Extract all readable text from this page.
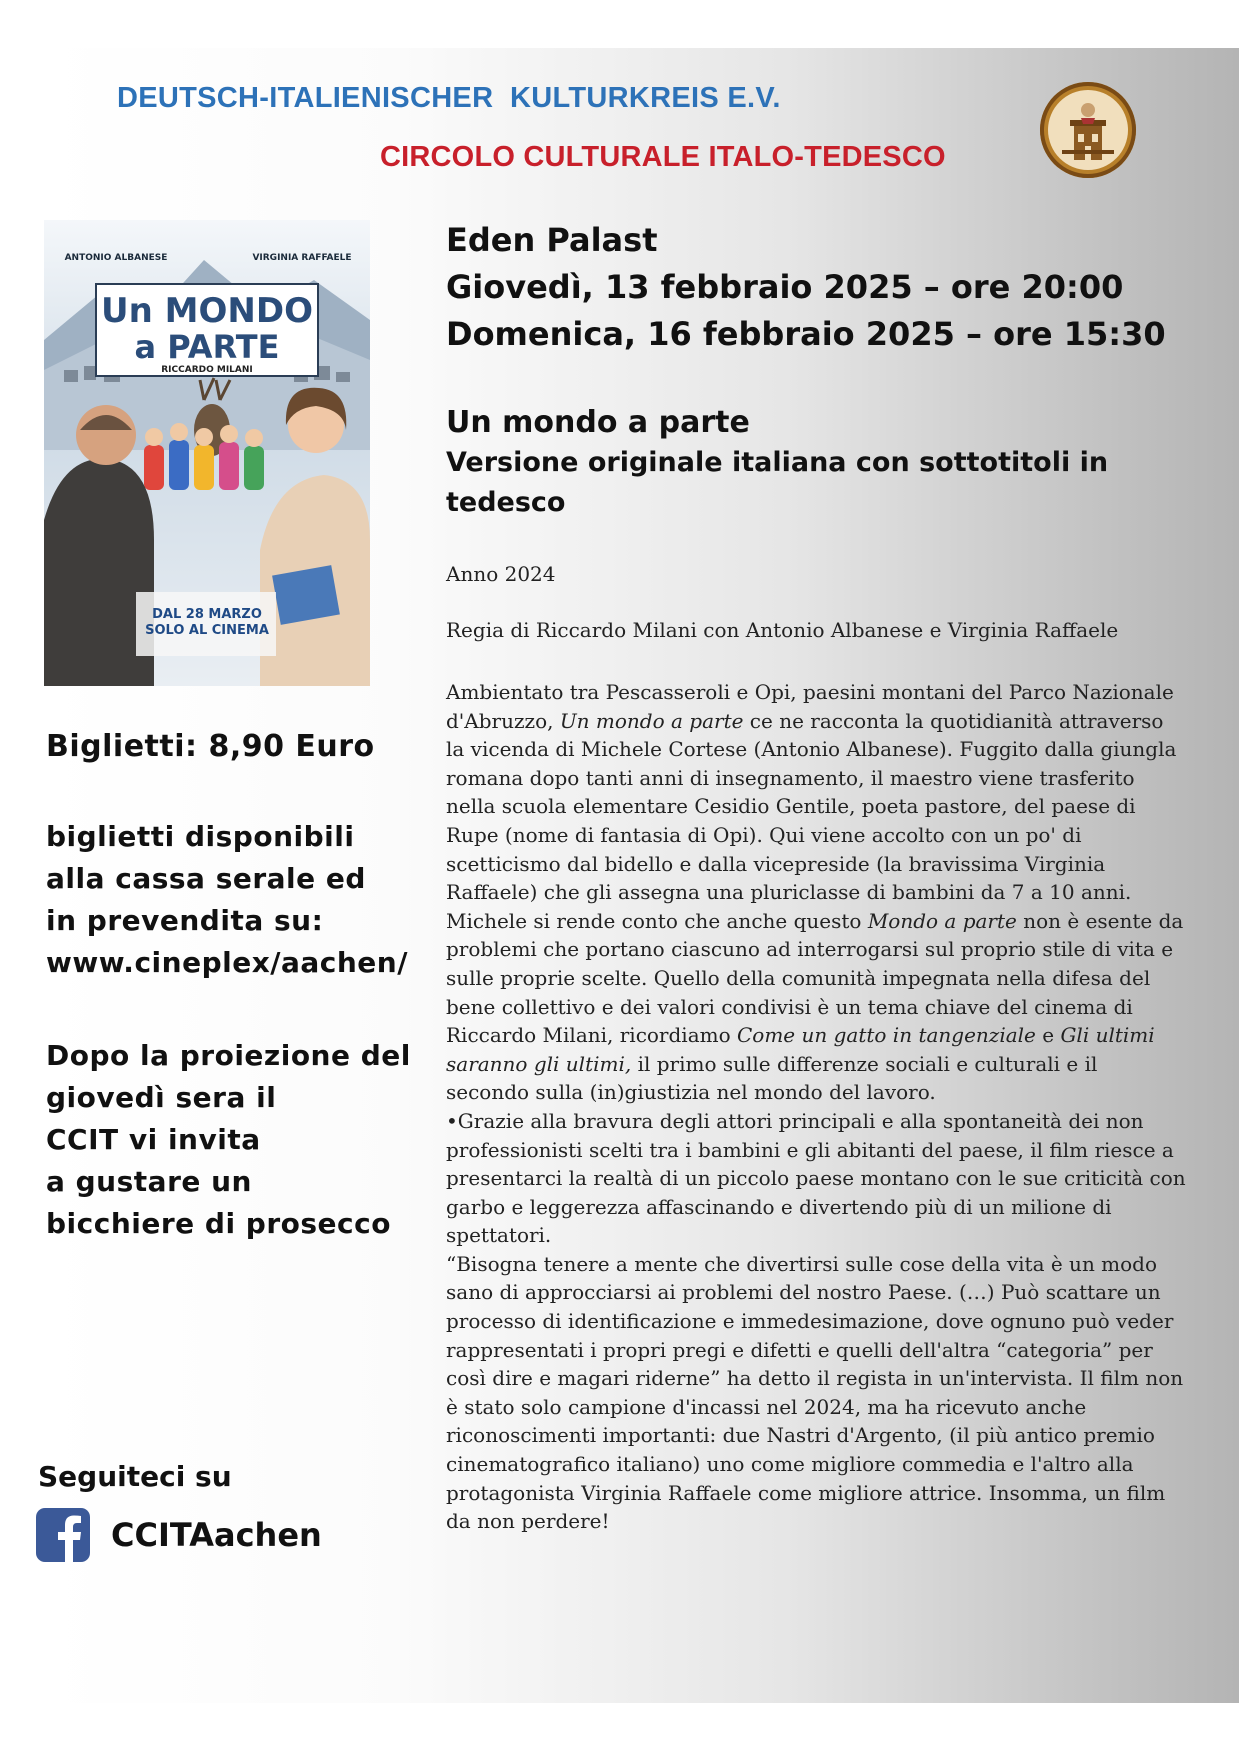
DEUTSCH-ITALIENISCHER  KULTURKREIS E.V.
CIRCOLO CULTURALE ITALO-TEDESCO
Un MONDO
a PARTE
RICCARDO MILANI
ANTONIO ALBANESE	VIRGINIA RAFFAELE
DAL 28 MARZO
SOLO AL CINEMA
Eden Palast
Giovedì, 13 febbraio 2025 – ore 20:00
Domenica, 16 febbraio 2025 – ore 15:30
Un mondo a parte
Versione originale italiana con sottotitoli in tedesco

Anno 2024

Regia di Riccardo Milani con Antonio Albanese e Virginia Raffaele

Ambientato tra Pescasseroli e Opi, paesini montani del Parco Nazionale d'Abruzzo, Un mondo a parte ce ne racconta la quotidianità attraverso la vicenda di Michele Cortese (Antonio Albanese). Fuggito dalla giungla romana dopo tanti anni di insegnamento, il maestro viene trasferito nella scuola elementare Cesidio Gentile, poeta pastore, del paese di Rupe (nome di fantasia di Opi). Qui viene accolto con un po' di scetticismo dal bidello e dalla vicepreside (la bravissima Virginia Raffaele) che gli assegna una pluriclasse di bambini da 7 a 10 anni. Michele si rende conto che anche questo Mondo a parte non è esente da problemi che portano ciascuno ad interrogarsi sul proprio stile di vita e sulle proprie scelte. Quello della comunità impegnata nella difesa del bene collettivo e dei valori condivisi è un tema chiave del cinema di Riccardo Milani, ricordiamo Come un gatto in tangenziale e Gli ultimi saranno gli ultimi, il primo sulle differenze sociali e culturali e il secondo sulla (in)giustizia nel mondo del lavoro.
•Grazie alla bravura degli attori principali e alla spontaneità dei non professionisti scelti tra i bambini e gli abitanti del paese, il film riesce a presentarci la realtà di un piccolo paese montano con le sue criticità con garbo e leggerezza affascinando e divertendo più di un milione di spettatori.
“Bisogna tenere a mente che divertirsi sulle cose della vita è un modo sano di approcciarsi ai problemi del nostro Paese. (…) Può scattare un processo di identificazione e immedesimazione, dove ognuno può veder rappresentati i propri pregi e difetti e quelli dell'altra “categoria” per così dire e magari riderne” ha detto il regista in un'intervista. Il film non è stato solo campione d'incassi nel 2024, ma ha ricevuto anche riconoscimenti importanti: due Nastri d'Argento, (il più antico premio cinematografico italiano) uno come migliore commedia e l'altro alla protagonista Virginia Raffaele come migliore attrice. Insomma, un film da non perdere!
Biglietti: 8,90 Euro
biglietti disponibili
alla cassa serale ed
in prevendita su:
www.cineplex/aachen/
Dopo la proiezione del
giovedì sera il
CCIT vi invita
a gustare un
bicchiere di prosecco

Seguiteci su

CCITAachen
